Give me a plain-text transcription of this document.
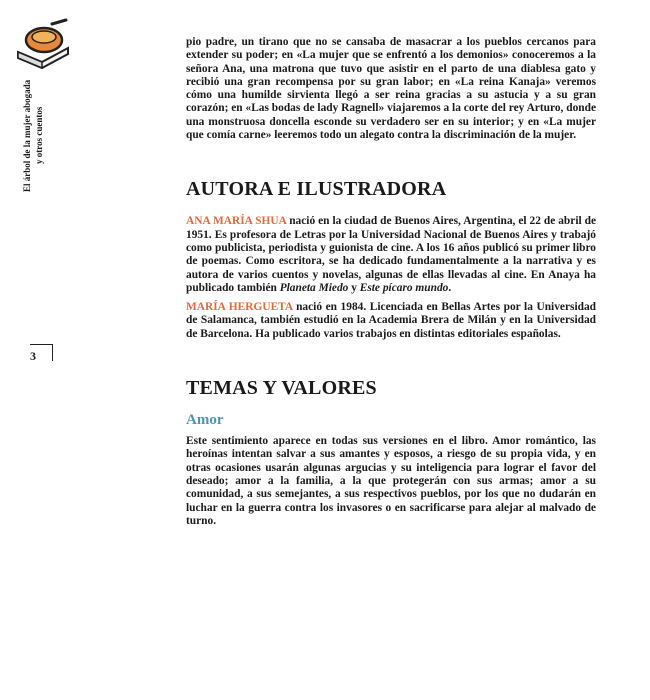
El árbol de la mujer abogada y otros cuentos
3

pio padre, un tirano que no se cansaba de masacrar a los pueblos cercanos para extender su poder; en «La mujer que se enfrentó a los demonios» conoceremos a la señora Ana, una matrona que tuvo que asistir en el parto de una diablesa gato y recibió una gran recompensa por su gran labor; en «La reina Kanaja» veremos cómo una humilde sirvienta llegó a ser reina gracias a su astucia y a su gran corazón; en «Las bodas de lady Ragnell» viajaremos a la corte del rey Arturo, donde una monstruosa doncella esconde su verdadero ser en su interior; y en «La mujer que comía carne» leeremos todo un alegato contra la discriminación de la mujer.

AUTORA E ILUSTRADORA

ANA MARÍA SHUA nació en la ciudad de Buenos Aires, Argentina, el 22 de abril de 1951. Es profesora de Letras por la Universidad Nacional de Buenos Aires y trabajó como publicista, periodista y guionista de cine. A los 16 años publicó su primer libro de poemas. Como escritora, se ha dedicado fundamentalmente a la narrativa y es autora de varios cuentos y novelas, algunas de ellas llevadas al cine. En Anaya ha publicado también Planeta Miedo y Este pícaro mundo.

MARÍA HERGUETA nació en 1984. Licenciada en Bellas Artes por la Universidad de Salamanca, también estudió en la Academia Brera de Milán y en la Universidad de Barcelona. Ha publicado varios trabajos en distintas editoriales españolas.

TEMAS Y VALORES
Amor

Este sentimiento aparece en todas sus versiones en el libro. Amor romántico, las heroínas intentan salvar a sus amantes y esposos, a riesgo de su propia vida, y en otras ocasiones usarán algunas argucias y su inteligencia para lograr el favor del deseado; amor a la familia, a la que protegerán con sus armas; amor a su comunidad, a sus semejantes, a sus respectivos pueblos, por los que no dudarán en luchar en la guerra contra los invasores o en sacrificarse para alejar al malvado de turno.
